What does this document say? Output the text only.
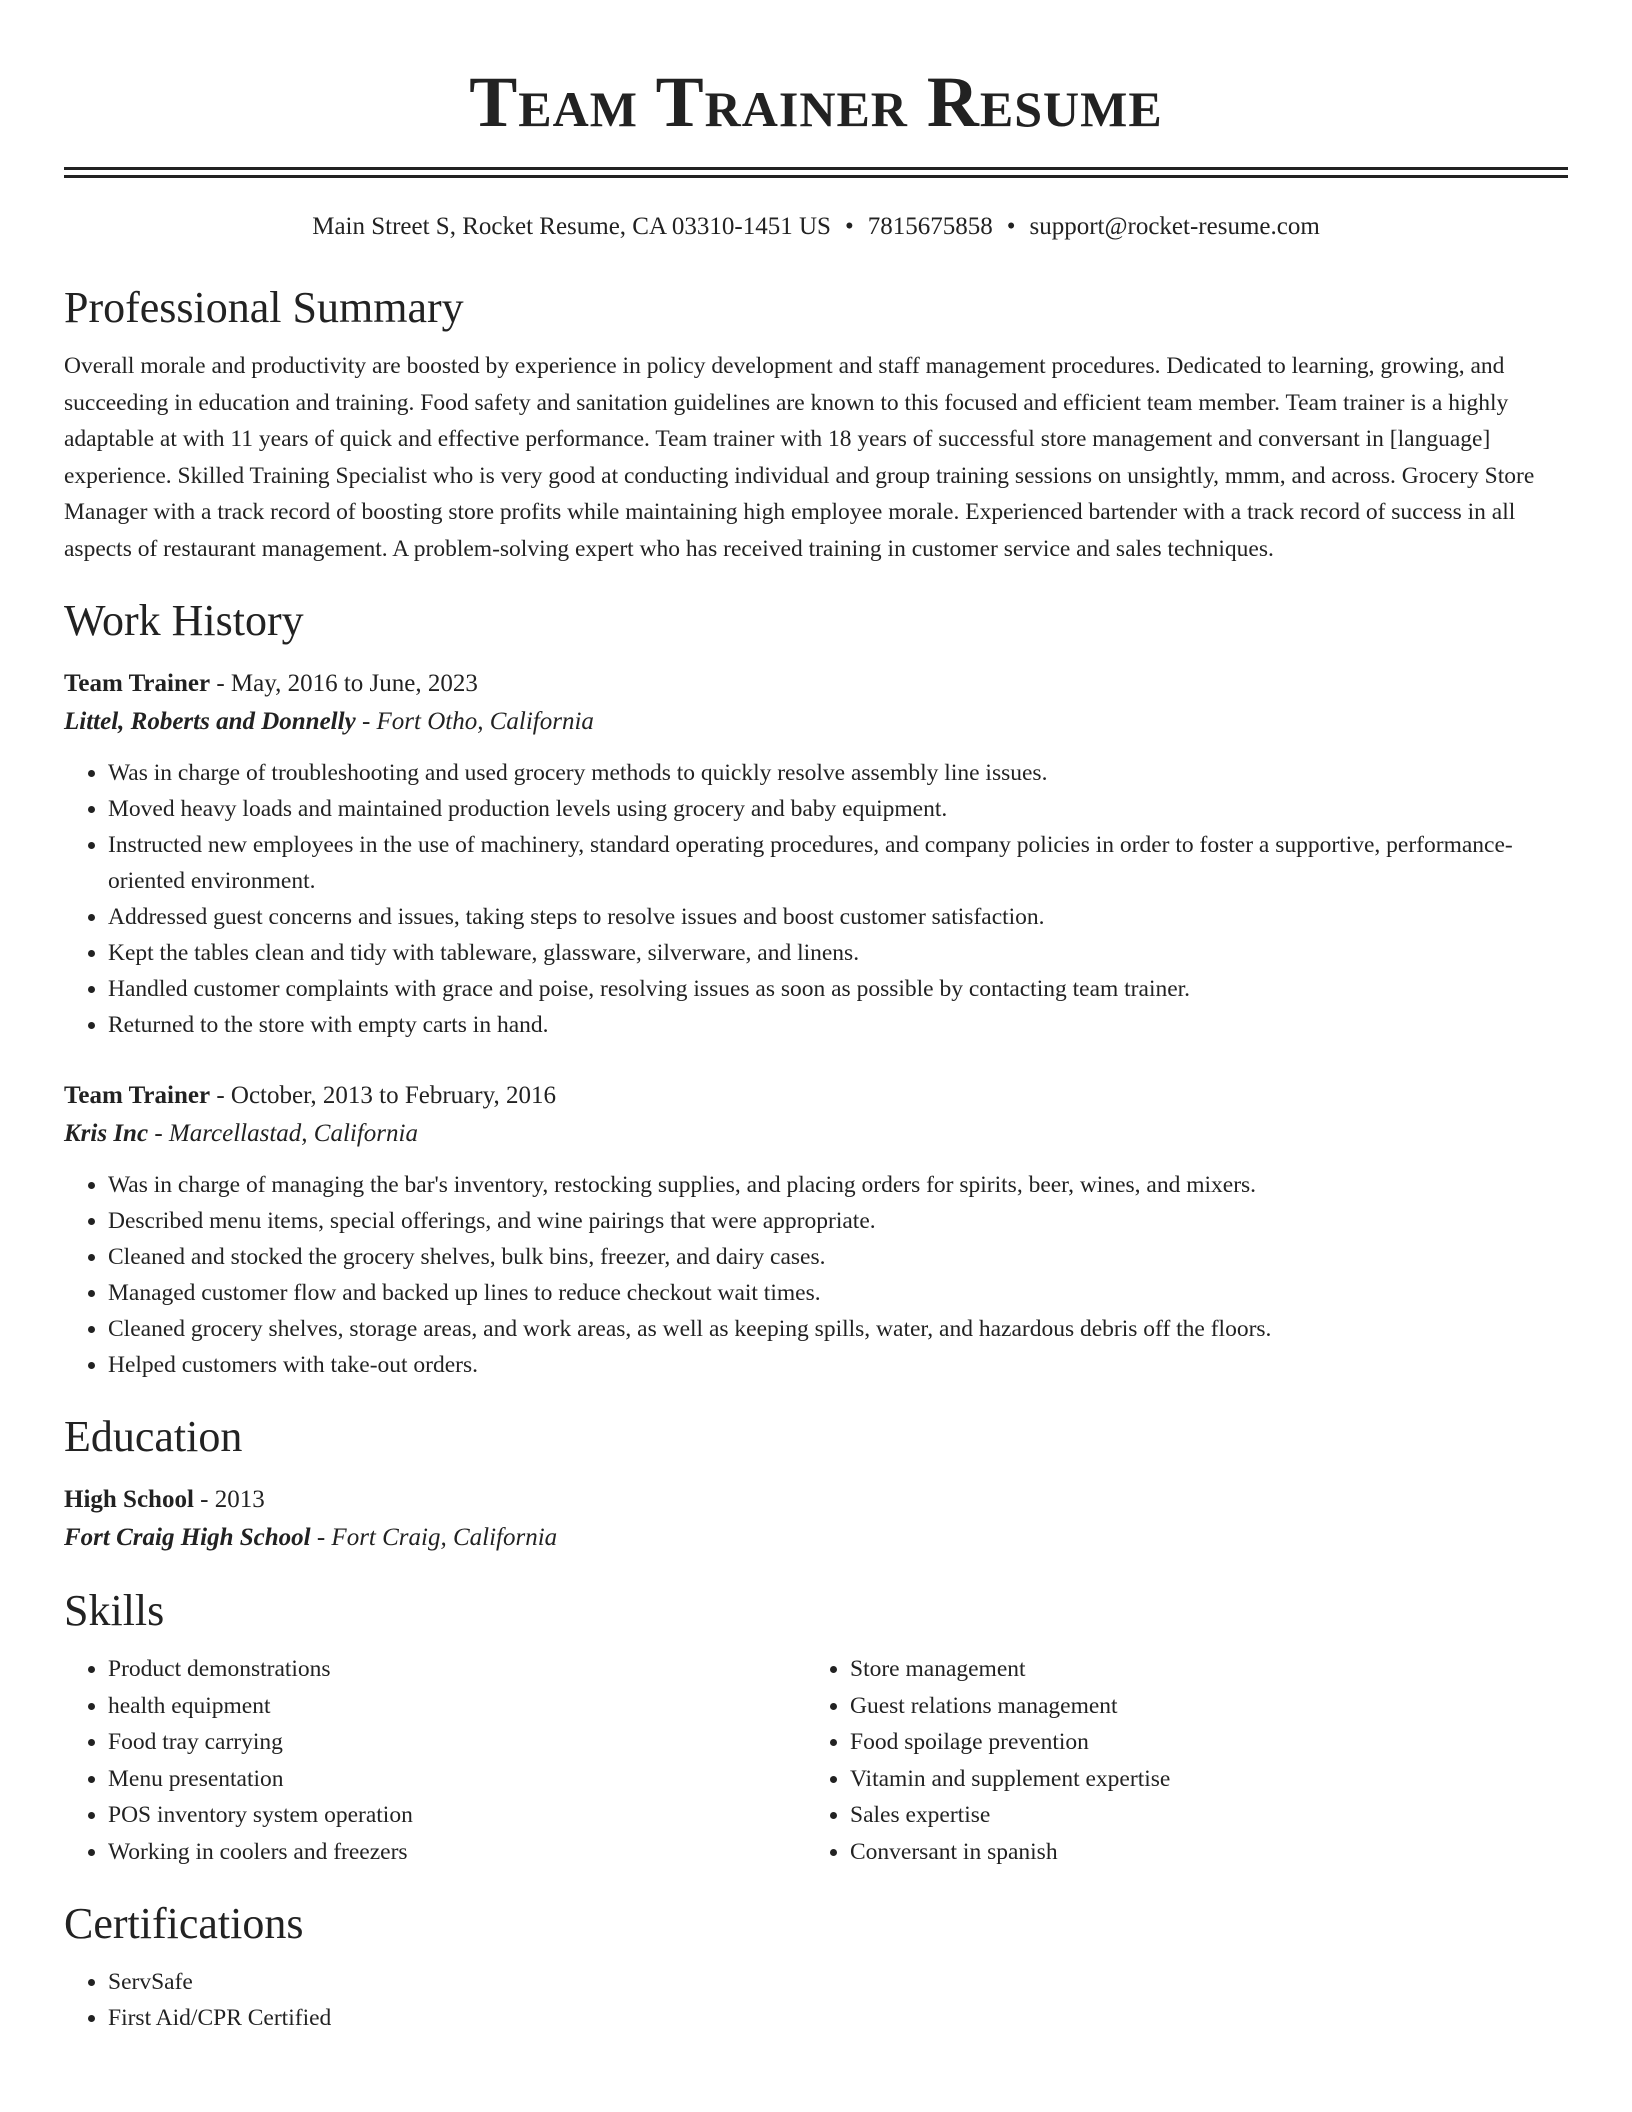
Team Trainer Resume
Main Street S, Rocket Resume, CA 03310-1451 US • 7815675858 • support@rocket-resume.com
Professional Summary

Overall morale and productivity are boosted by experience in policy development and staff management procedures. Dedicated to learning, growing, and succeeding in education and training. Food safety and sanitation guidelines are known to this focused and efficient team member. Team trainer is a highly adaptable at with 11 years of quick and effective performance. Team trainer with 18 years of successful store management and conversant in [language] experience. Skilled Training Specialist who is very good at conducting individual and group training sessions on unsightly, mmm, and across. Grocery Store Manager with a track record of boosting store profits while maintaining high employee morale. Experienced bartender with a track record of success in all aspects of restaurant management. A problem-solving expert who has received training in customer service and sales techniques.

Work History

Team Trainer - May, 2016 to June, 2023

Littel, Roberts and Donnelly - Fort Otho, California

• Was in charge of troubleshooting and used grocery methods to quickly resolve assembly line issues.
• Moved heavy loads and maintained production levels using grocery and baby equipment.
• Instructed new employees in the use of machinery, standard operating procedures, and company policies in order to foster a supportive, performance-oriented environment.
• Addressed guest concerns and issues, taking steps to resolve issues and boost customer satisfaction.
• Kept the tables clean and tidy with tableware, glassware, silverware, and linens.
• Handled customer complaints with grace and poise, resolving issues as soon as possible by contacting team trainer.
• Returned to the store with empty carts in hand.

Team Trainer - October, 2013 to February, 2016

Kris Inc - Marcellastad, California

• Was in charge of managing the bar's inventory, restocking supplies, and placing orders for spirits, beer, wines, and mixers.
• Described menu items, special offerings, and wine pairings that were appropriate.
• Cleaned and stocked the grocery shelves, bulk bins, freezer, and dairy cases.
• Managed customer flow and backed up lines to reduce checkout wait times.
• Cleaned grocery shelves, storage areas, and work areas, as well as keeping spills, water, and hazardous debris off the floors.
• Helped customers with take-out orders.
Education

High School - 2013

Fort Craig High School - Fort Craig, California

Skills
• Product demonstrations
• health equipment
• Food tray carrying
• Menu presentation
• POS inventory system operation
• Working in coolers and freezers
• Store management
• Guest relations management
• Food spoilage prevention
• Vitamin and supplement expertise
• Sales expertise
• Conversant in spanish
Certifications
• ServSafe
• First Aid/CPR Certified
